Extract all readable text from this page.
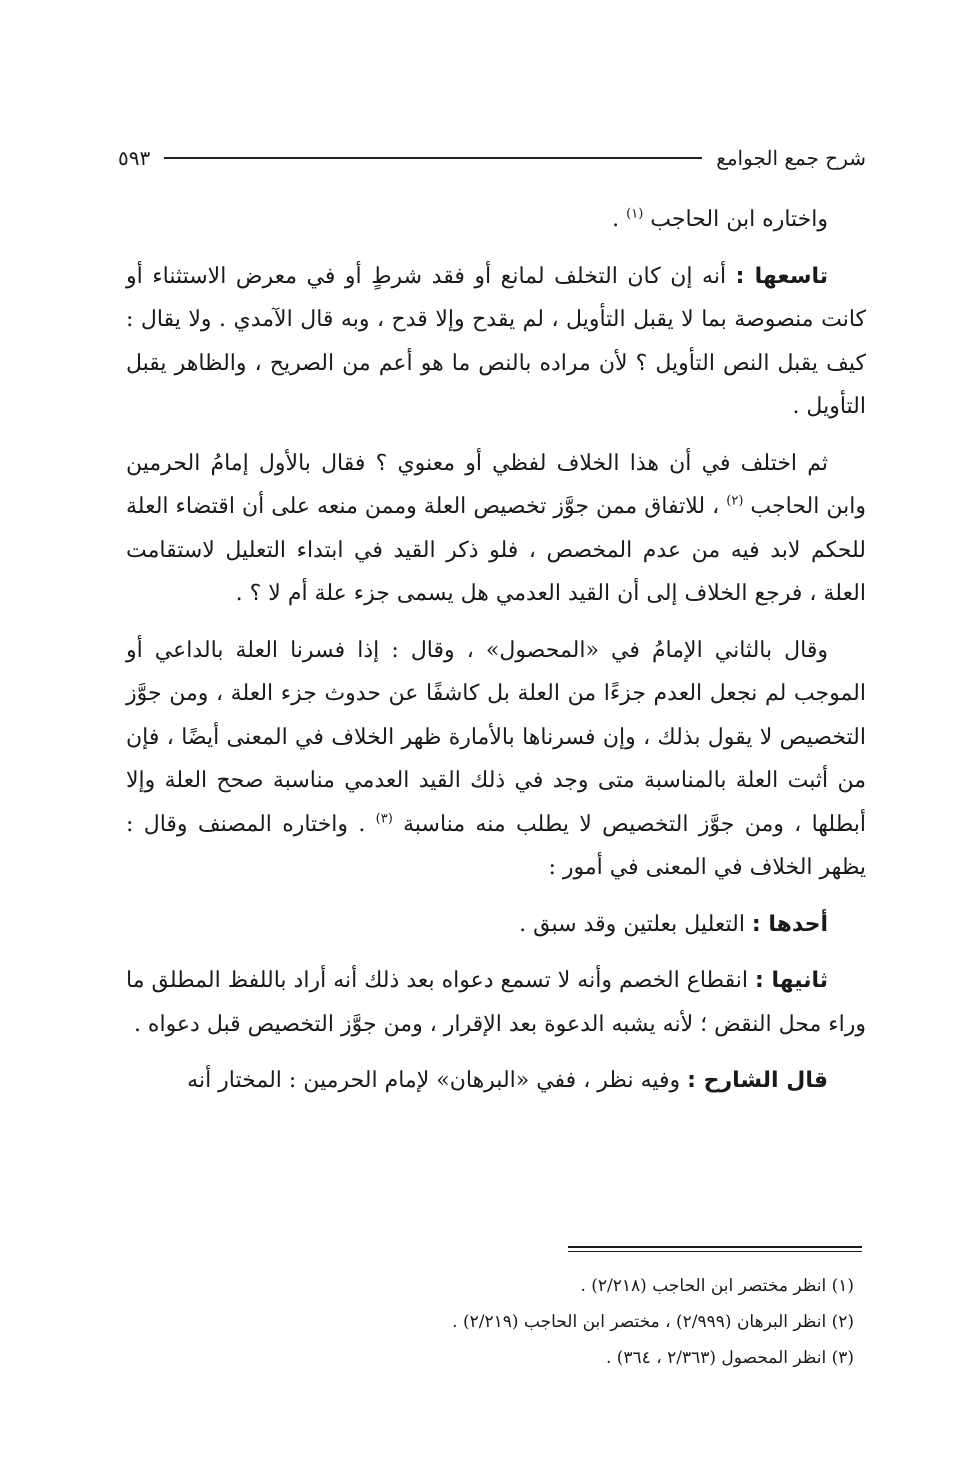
شرح جمع الجوامع
٥٩٣

واختاره ابن الحاجب $^{(١)}$ .

تاسعها : أنه إن كان التخلف لمانع أو فقد شرطٍ أو في معرض الاستثناء أو كانت منصوصة بما لا يقبل التأويل ، لم يقدح وإلا قدح ، وبه قال الآمدي . ولا يقال : كيف يقبل النص التأويل ؟ لأن مراده بالنص ما هو أعم من الصريح ، والظاهر يقبل التأويل .

ثم اختلف في أن هذا الخلاف لفظي أو معنوي ؟ فقال بالأول إمامُ الحرمين وابن الحاجب $^{(٢)}$ ، للاتفاق ممن جوَّز تخصيص العلة وممن منعه على أن اقتضاء العلة للحكم لابد فيه من عدم المخصص ، فلو ذكر القيد في ابتداء التعليل لاستقامت العلة ، فرجع الخلاف إلى أن القيد العدمي هل يسمى جزء علة أم لا ؟ .

وقال بالثاني الإمامُ في «المحصول» ، وقال : إذا فسرنا العلة بالداعي أو الموجب لم نجعل العدم جزءًا من العلة بل كاشفًا عن حدوث جزء العلة ، ومن جوَّز التخصيص لا يقول بذلك ، وإن فسرناها بالأمارة ظهر الخلاف في المعنى أيضًا ، فإن من أثبت العلة بالمناسبة متى وجد في ذلك القيد العدمي مناسبة صحح العلة وإلا أبطلها ، ومن جوَّز التخصيص لا يطلب منه مناسبة $^{(٣)}$ . واختاره المصنف وقال : يظهر الخلاف في المعنى في أمور :

أحدها : التعليل بعلتين وقد سبق .

ثانيها : انقطاع الخصم وأنه لا تسمع دعواه بعد ذلك أنه أراد باللفظ المطلق ما وراء محل النقض ؛ لأنه يشبه الدعوة بعد الإقرار ، ومن جوَّز التخصيص قبل دعواه .

قال الشارح : وفيه نظر ، ففي «البرهان» لإمام الحرمين : المختار أنه

(١) انظر مختصر ابن الحاجب (٢/٢١٨) .
(٢) انظر البرهان (٢/٩٩٩) ، مختصر ابن الحاجب (٢/٢١٩) .
(٣) انظر المحصول (٢/٣٦٣ ، ٣٦٤) .
